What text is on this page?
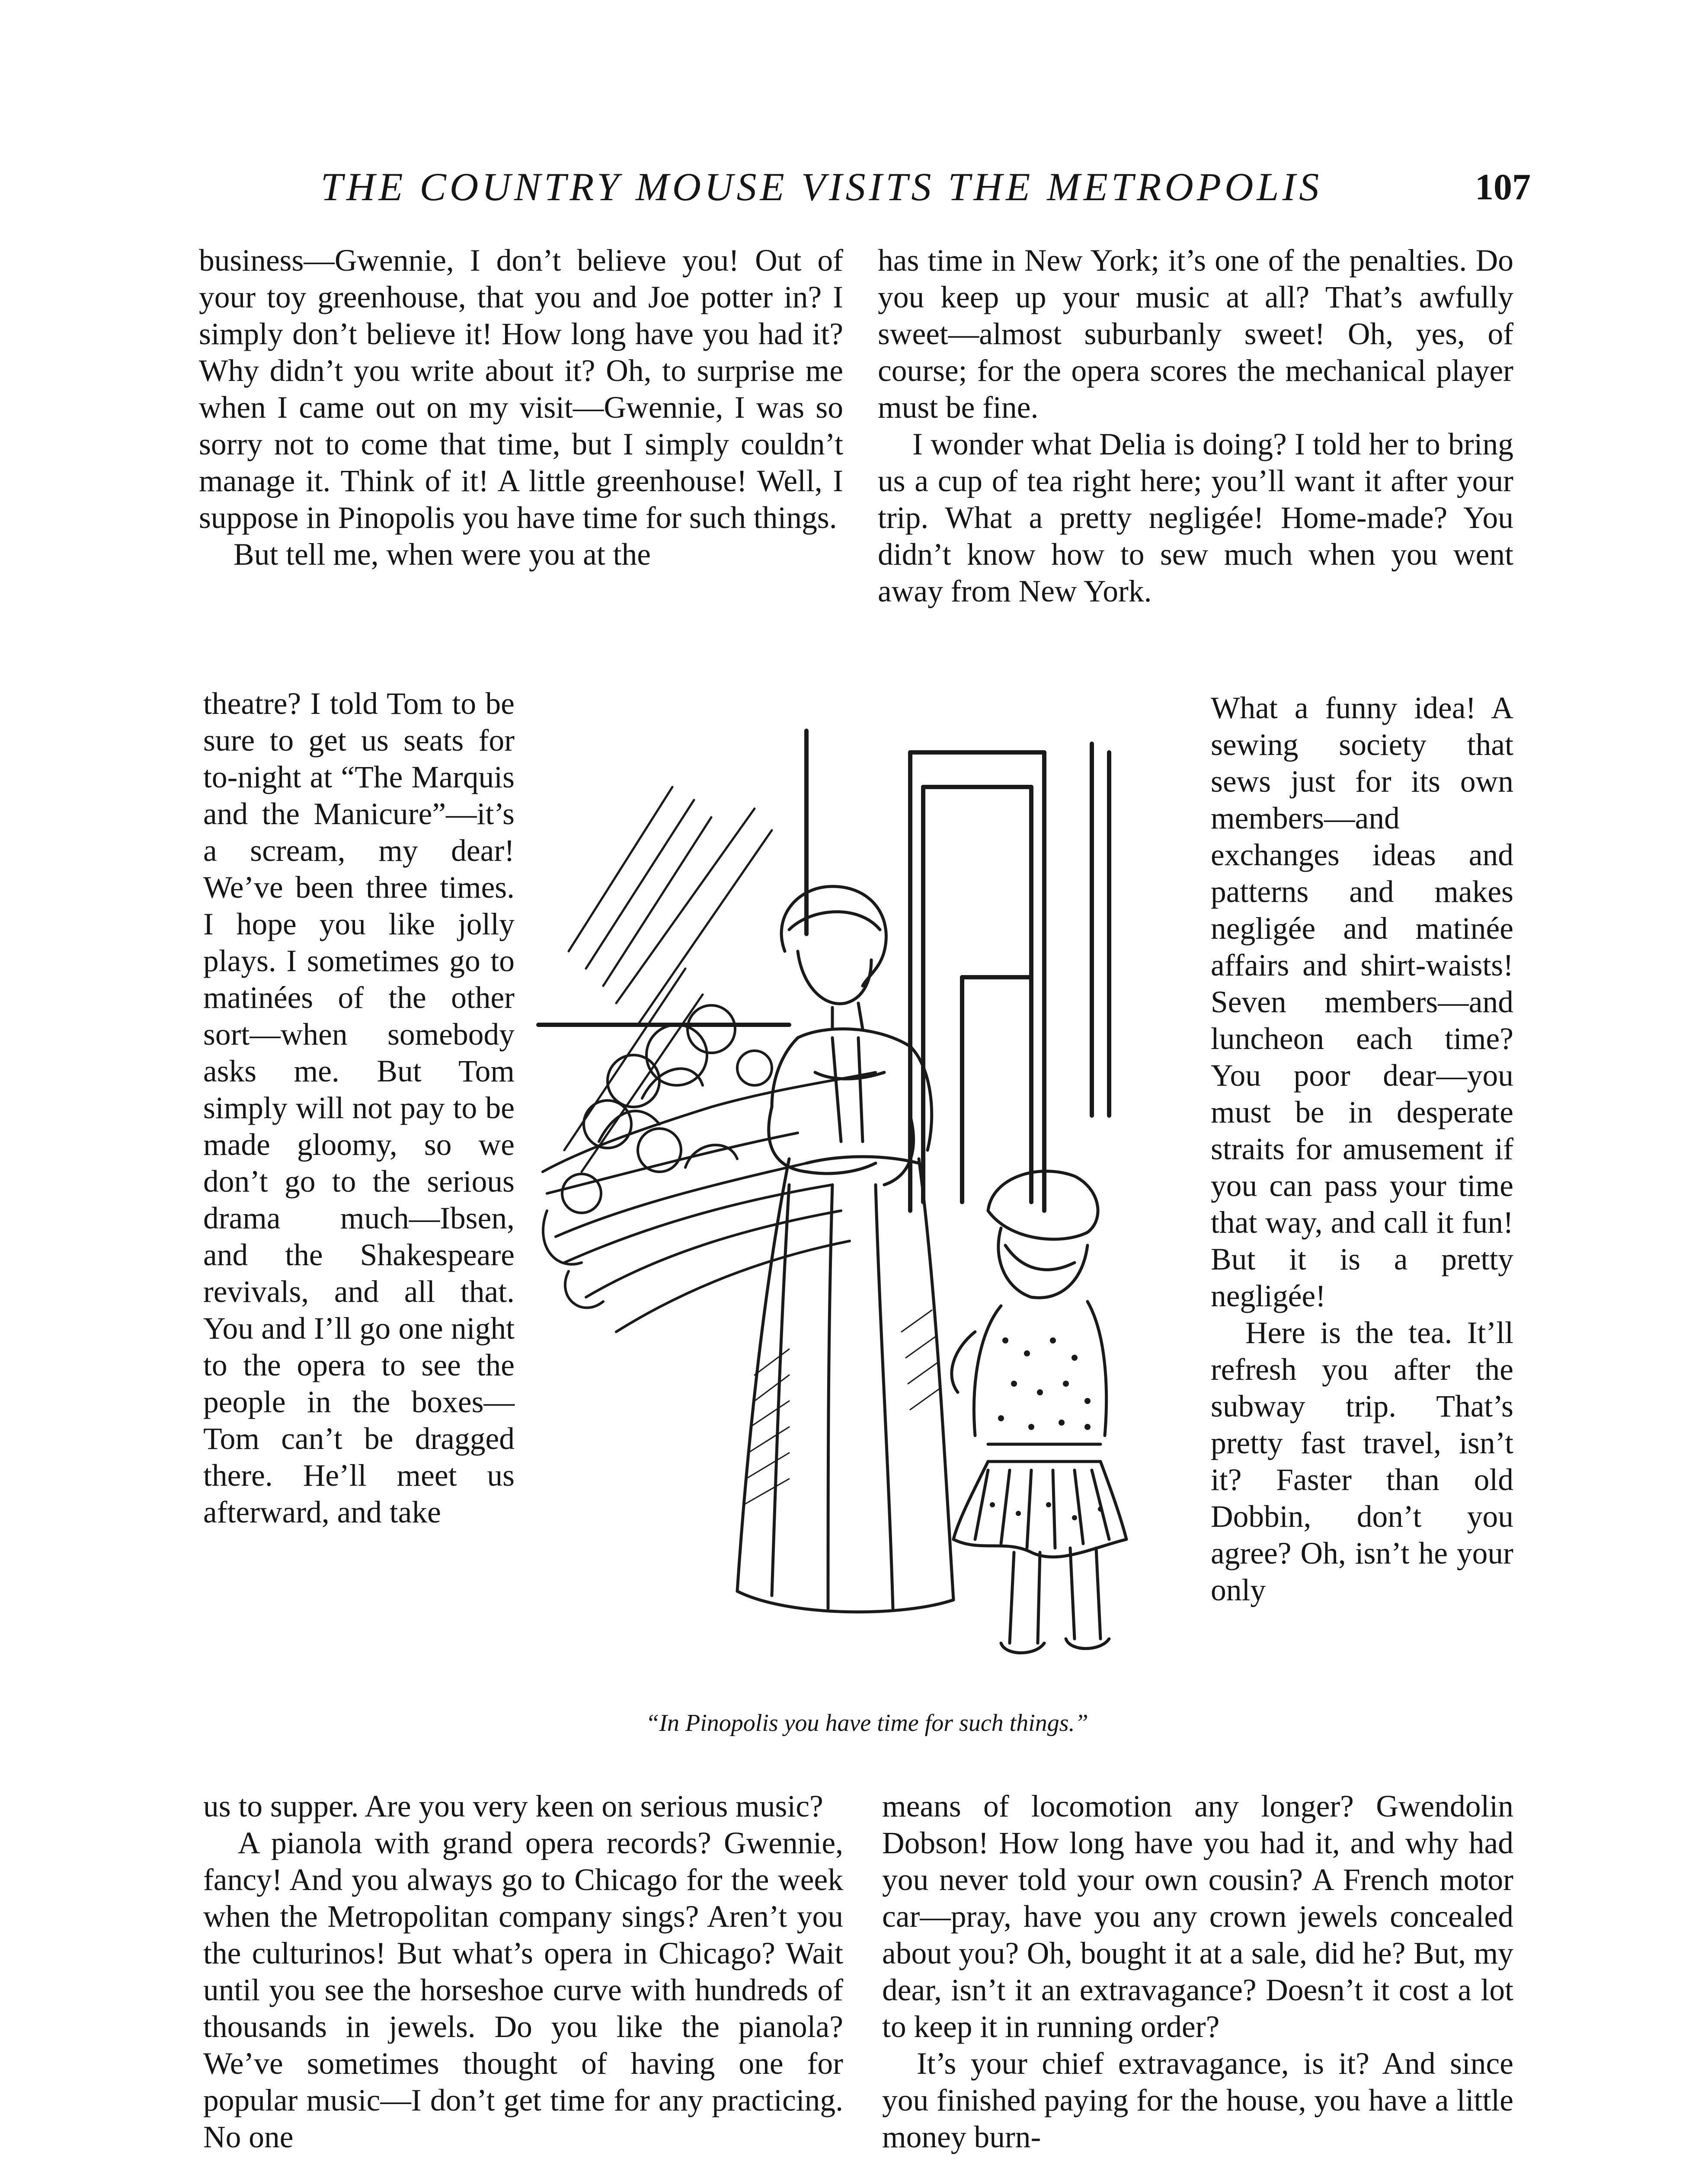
THE COUNTRY MOUSE VISITS THE METROPOLIS	107

business—Gwennie, I don’t believe you! Out of your toy greenhouse, that you and Joe potter in? I simply don’t believe it! How long have you had it? Why didn’t you write about it? Oh, to surprise me when I came out on my visit—Gwennie, I was so sorry not to come that time, but I simply couldn’t manage it. Think of it! A little greenhouse! Well, I suppose in Pinopolis you have time for such things.

But tell me, when were you at the

theatre? I told Tom to be sure to get us seats for to-night at “The Marquis and the Manicure”—it’s a scream, my dear! We’ve been three times. I hope you like jolly plays. I sometimes go to matinées of the other sort—when somebody asks me. But Tom simply will not pay to be made gloomy, so we don’t go to the serious drama much—Ibsen, and the Shakespeare revivals, and all that. You and I’ll go one night to the opera to see the people in the boxes—Tom can’t be dragged there. He’ll meet us afterward, and take

us to supper. Are you very keen on serious music?

A pianola with grand opera records? Gwennie, fancy! And you always go to Chicago for the week when the Metropolitan company sings? Aren’t you the culturinos! But what’s opera in Chicago? Wait until you see the horseshoe curve with hundreds of thousands in jewels. Do you like the pianola? We’ve sometimes thought of having one for popular music—I don’t get time for any practicing. No one

has time in New York; it’s one of the penalties. Do you keep up your music at all? That’s awfully sweet—almost suburbanly sweet! Oh, yes, of course; for the opera scores the mechanical player must be fine.

I wonder what Delia is doing? I told her to bring us a cup of tea right here; you’ll want it after your trip. What a pretty negligée! Home-made? You didn’t know how to sew much when you went away from New York.

What a funny idea! A sewing society that sews just for its own members—and exchanges ideas and patterns and makes negligée and matinée affairs and shirt-waists! Seven members—and luncheon each time? You poor dear—you must be in desperate straits for amusement if you can pass your time that way, and call it fun! But it is a pretty negligée!

Here is the tea. It’ll refresh you after the subway trip. That’s pretty fast travel, isn’t it? Faster than old Dobbin, don’t you agree? Oh, isn’t he your only

means of locomotion any longer? Gwendolin Dobson! How long have you had it, and why had you never told your own cousin? A French motor car—pray, have you any crown jewels concealed about you? Oh, bought it at a sale, did he? But, my dear, isn’t it an extravagance? Doesn’t it cost a lot to keep it in running order?

It’s your chief extravagance, is it? And since you finished paying for the house, you have a little money burn-

“In Pinopolis you have time for such things.”
